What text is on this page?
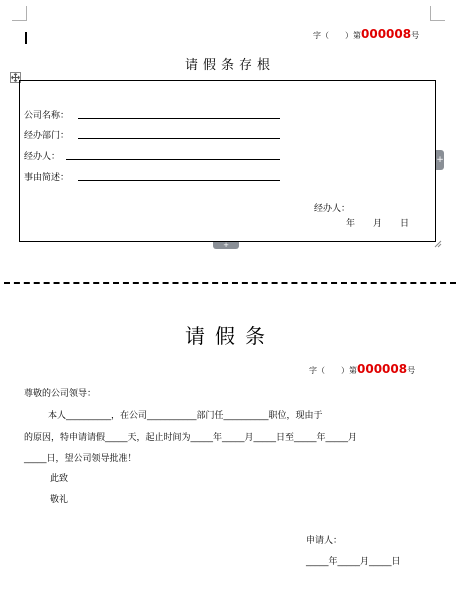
字（　　）第000008号
请假条存根
公司名称：
经办部门：
经办人：
事由简述：
经办人：
年　　月　　日
+
+
请假条
字（　　）第000008号
尊敬的公司领导：
本人__________，在公司___________部门任__________职位，现由于
的原因，特申请请假_____天，起止时间为_____年_____月_____日至_____年_____月
_____日，望公司领导批准！
此致
敬礼
申请人：
_____年_____月_____日
